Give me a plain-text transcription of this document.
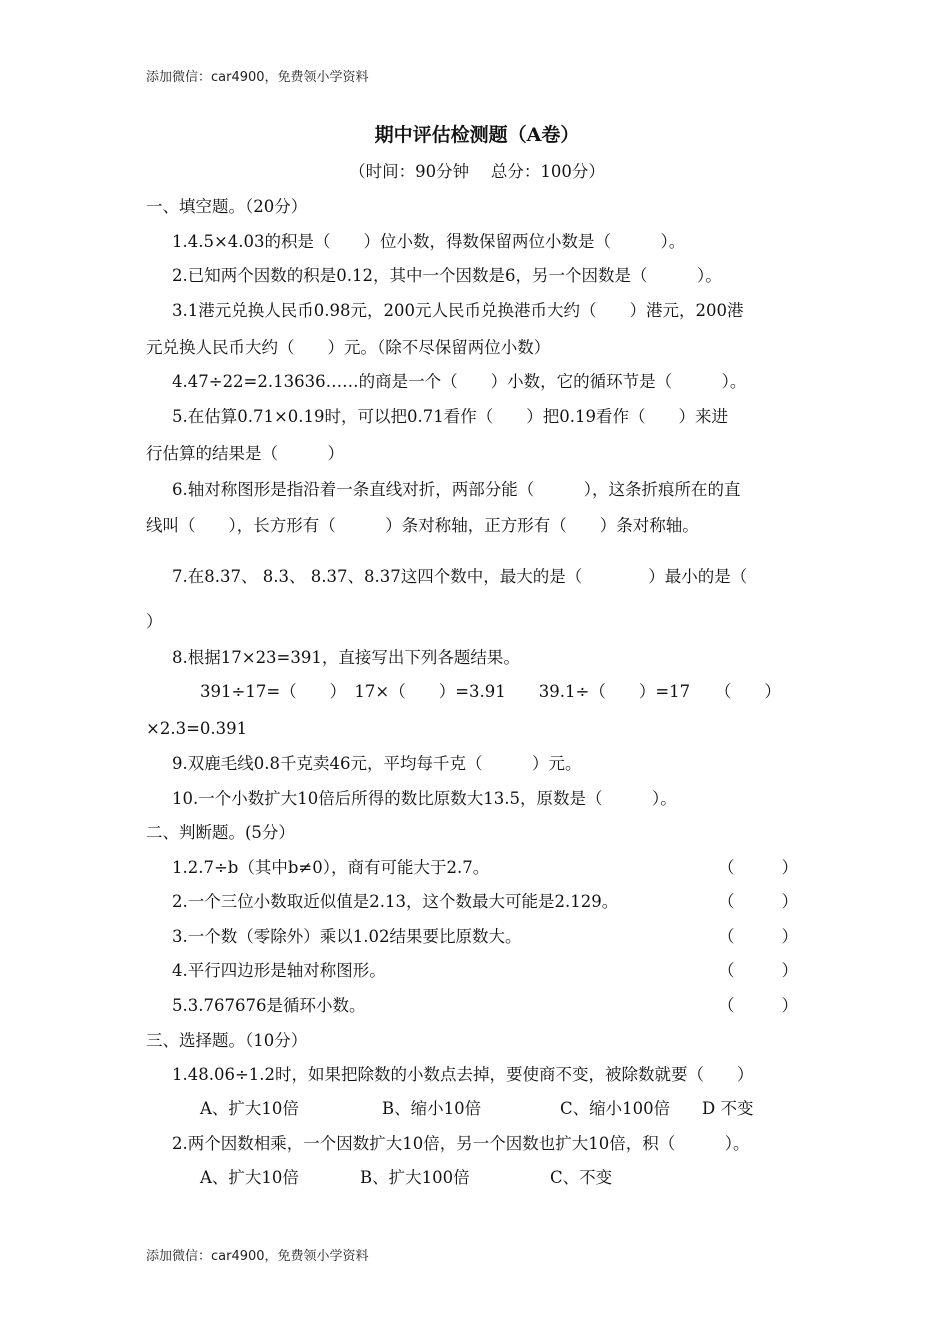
添加微信：car4900，免费领小学资料
期中评估检测题（A卷）
（时间：90分钟　 总分：100分）
一、填空题。（20分）
1.4.5×4.03的积是（　　）位小数，得数保留两位小数是（　　　）。
2.已知两个因数的积是0.12，其中一个因数是6，另一个因数是（　　　）。
3.1港元兑换人民币0.98元，200元人民币兑换港币大约（　　）港元，200港
元兑换人民币大约（　　）元。（除不尽保留两位小数）
4.47÷22=2.13636……的商是一个（　　）小数，它的循环节是（　　　）。
5.在估算0.71×0.19时，可以把0.71看作（　　）把0.19看作（　　）来进
行估算的结果是（　　　）
6.轴对称图形是指沿着一条直线对折，两部分能（　　　），这条折痕所在的直
线叫（　　），长方形有（　　　）条对称轴，正方形有（　　）条对称轴。
7.在8.37、 8.3、 8.37、8.37这四个数中，最大的是（　　　　）最小的是（
）
8.根据17×23=391，直接写出下列各题结果。
391÷17=（　　）　17×（　　）=3.91　　39.1÷（　　）=17　　（　　）
×2.3=0.391
9.双鹿毛线0.8千克卖46元，平均每千克（　　　）元。
10.一个小数扩大10倍后所得的数比原数大13.5，原数是（　　　）。
二、判断题。(5分）
1.2.7÷b（其中b≠0），商有可能大于2.7。	（	）
2.一个三位小数取近似值是2.13，这个数最大可能是2.129。	（	）
3.一个数（零除外）乘以1.02结果要比原数大。	（	）
4.平行四边形是轴对称图形。	（	）
5.3.767676是循环小数。	（	）
三、选择题。（10分）
1.48.06÷1.2时，如果把除数的小数点去掉，要使商不变，被除数就要（　　）
A、扩大10倍	B、缩小10倍	C、缩小100倍 D 不变
2.两个因数相乘，一个因数扩大10倍，另一个因数也扩大10倍，积（　　　）。
A、扩大10倍	B、扩大100倍	C、不变
添加微信：car4900，免费领小学资料
